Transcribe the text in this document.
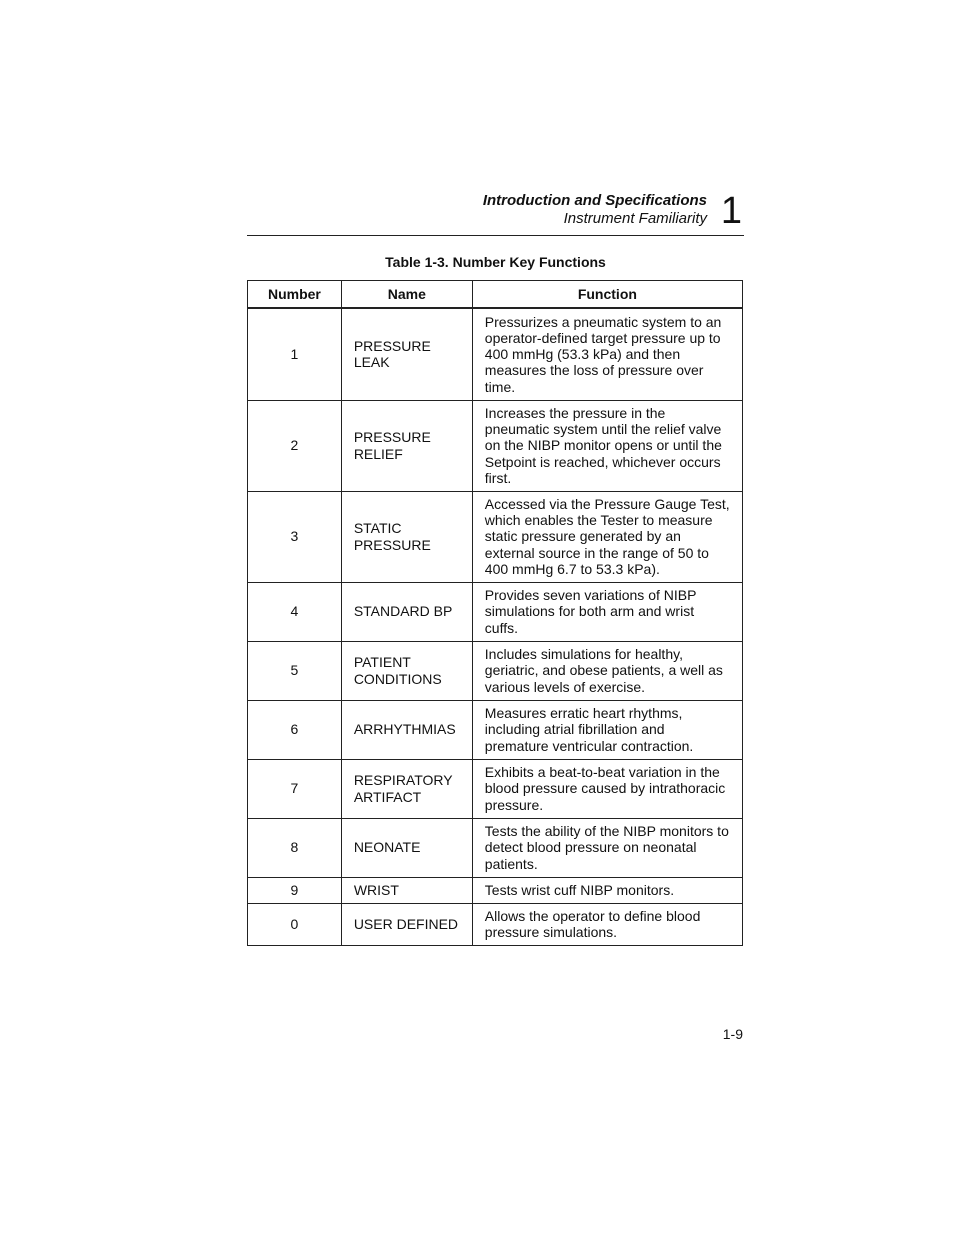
Introduction and Specifications
Instrument Familiarity 1
Table 1-3. Number Key Functions
Number	Name	Function
1	PRESSURE LEAK	Pressurizes a pneumatic system to an operator-defined target pressure up to 400 mmHg (53.3 kPa) and then measures the loss of pressure over time.
2	PRESSURE RELIEF	Increases the pressure in the pneumatic system until the relief valve on the NIBP monitor opens or until the Setpoint is reached, whichever occurs first.
3	STATIC PRESSURE	Accessed via the Pressure Gauge Test, which enables the Tester to measure static pressure generated by an external source in the range of 50 to 400 mmHg 6.7 to 53.3 kPa).
4	STANDARD BP	Provides seven variations of NIBP simulations for both arm and wrist cuffs.
5	PATIENT CONDITIONS	Includes simulations for healthy, geriatric, and obese patients, a well as various levels of exercise.
6	ARRHYTHMIAS	Measures erratic heart rhythms, including atrial fibrillation and premature ventricular contraction.
7	RESPIRATORY ARTIFACT	Exhibits a beat-to-beat variation in the blood pressure caused by intrathoracic pressure.
8	NEONATE	Tests the ability of the NIBP monitors to detect blood pressure on neonatal patients.
9	WRIST	Tests wrist cuff NIBP monitors.
0	USER DEFINED	Allows the operator to define blood pressure simulations.
1-9
